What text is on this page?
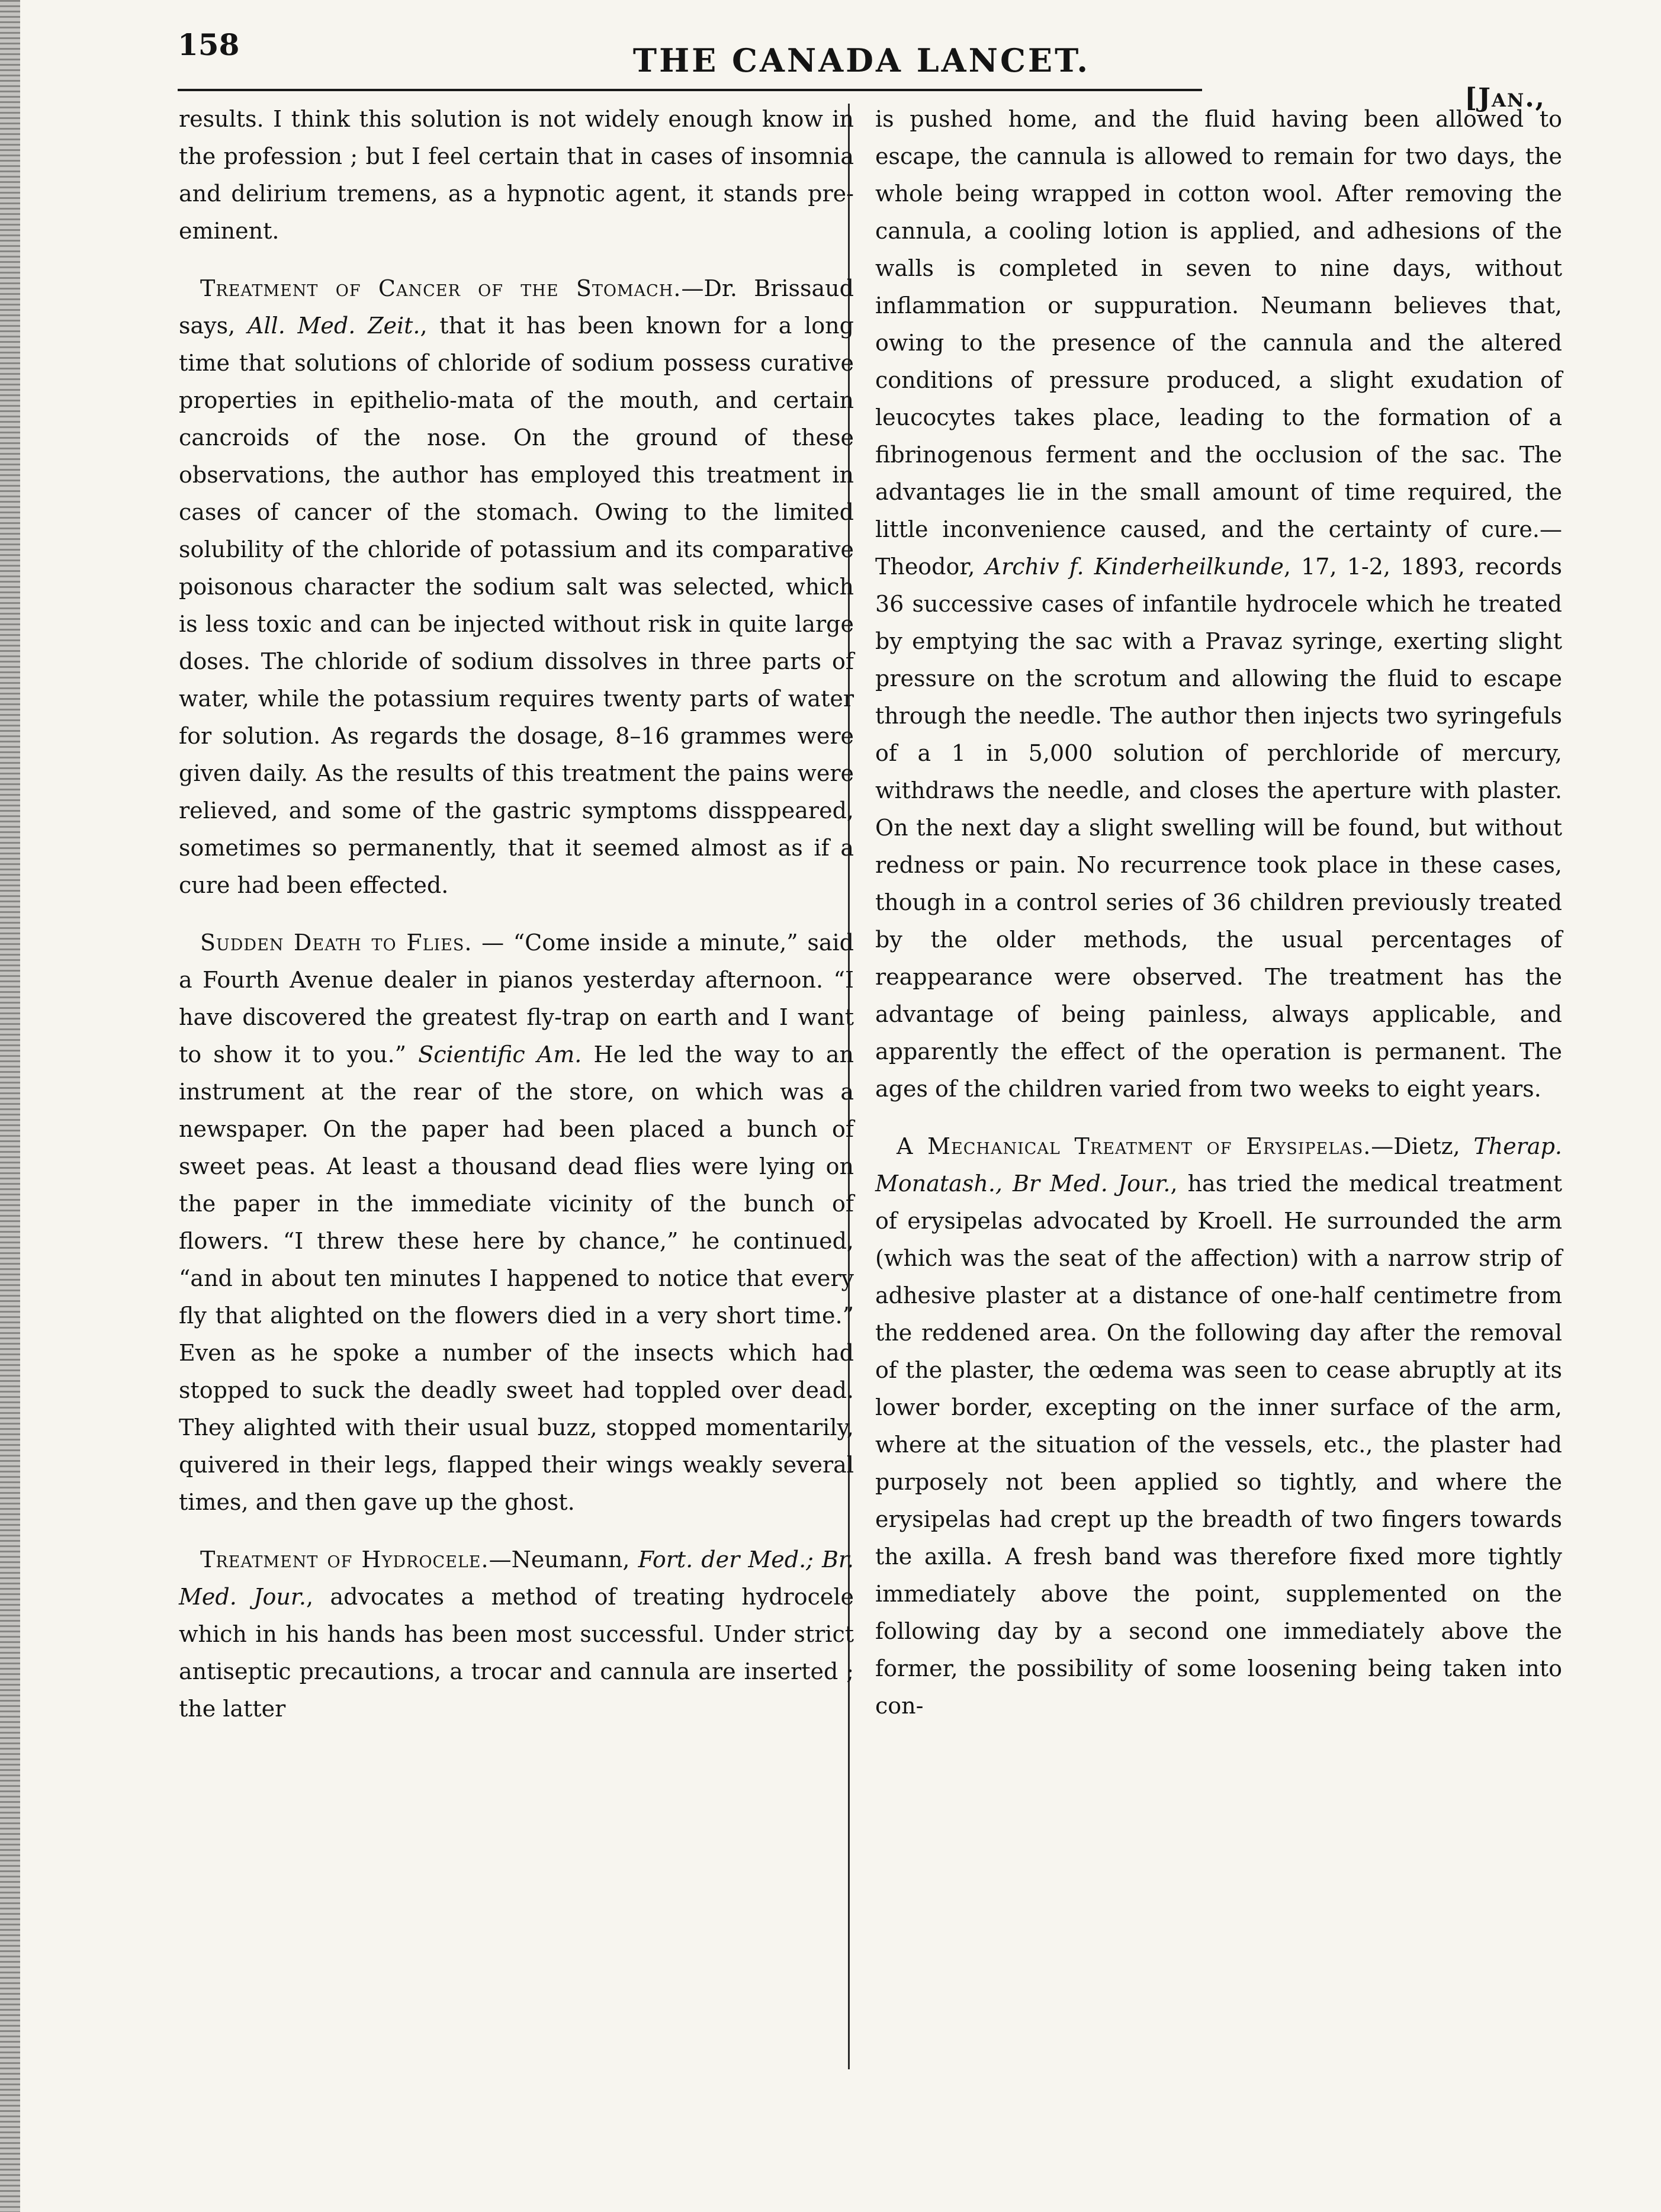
158	THE CANADA LANCET.
[Jan.,

results. I think this solution is not widely enough know in the profession ; but I feel certain that in cases of insomnia and delirium tremens, as a hypnotic agent, it stands pre-eminent.

Treatment of Cancer of the Stomach.—Dr. Brissaud says, All. Med. Zeit., that it has been known for a long time that solutions of chloride of sodium possess curative properties in epithelio-mata of the mouth, and certain cancroids of the nose. On the ground of these observations, the author has employed this treatment in cases of cancer of the stomach. Owing to the limited solubility of the chloride of potassium and its comparative poisonous character the sodium salt was selected, which is less toxic and can be injected without risk in quite large doses. The chloride of sodium dissolves in three parts of water, while the potassium requires twenty parts of water for solution. As regards the dosage, 8–16 grammes were given daily. As the results of this treatment the pains were relieved, and some of the gastric symptoms dissppeared, sometimes so permanently, that it seemed almost as if a cure had been effected.

Sudden Death to Flies. — “Come inside a minute,” said a Fourth Avenue dealer in pianos yesterday afternoon. “I have discovered the greatest fly-trap on earth and I want to show it to you.” Scientific Am. He led the way to an instrument at the rear of the store, on which was a newspaper. On the paper had been placed a bunch of sweet peas. At least a thousand dead flies were lying on the paper in the immediate vicinity of the bunch of flowers. “I threw these here by chance,” he continued, “and in about ten minutes I happened to notice that every fly that alighted on the flowers died in a very short time.” Even as he spoke a number of the insects which had stopped to suck the deadly sweet had toppled over dead. They alighted with their usual buzz, stopped momentarily, quivered in their legs, flapped their wings weakly several times, and then gave up the ghost.

Treatment of Hydrocele.—Neumann, Fort. der Med.; Br. Med. Jour., advocates a method of treating hydrocele which in his hands has been most successful. Under strict antiseptic precautions, a trocar and cannula are inserted ; the latter

is pushed home, and the fluid having been allowed to escape, the cannula is allowed to remain for two days, the whole being wrapped in cotton wool. After removing the cannula, a cooling lotion is applied, and adhesions of the walls is completed in seven to nine days, without inflammation or suppuration. Neumann believes that, owing to the presence of the cannula and the altered conditions of pressure produced, a slight exudation of leucocytes takes place, leading to the formation of a fibrinogenous ferment and the occlusion of the sac. The advantages lie in the small amount of time required, the little inconvenience caused, and the certainty of cure.—Theodor, Archiv f. Kinderheilkunde, 17, 1-2, 1893, records 36 successive cases of infantile hydrocele which he treated by emptying the sac with a Pravaz syringe, exerting slight pressure on the scrotum and allowing the fluid to escape through the needle. The author then injects two syringefuls of a 1 in 5,000 solution of perchloride of mercury, withdraws the needle, and closes the aperture with plaster. On the next day a slight swelling will be found, but without redness or pain. No recurrence took place in these cases, though in a control series of 36 children previously treated by the older methods, the usual percentages of reappearance were observed. The treatment has the advantage of being painless, always applicable, and apparently the effect of the operation is permanent. The ages of the children varied from two weeks to eight years.

A Mechanical Treatment of Erysipelas.—Dietz, Therap. Monatash., Br Med. Jour., has tried the medical treatment of erysipelas advocated by Kroell. He surrounded the arm (which was the seat of the affection) with a narrow strip of adhesive plaster at a distance of one-half centimetre from the reddened area. On the following day after the removal of the plaster, the œdema was seen to cease abruptly at its lower border, excepting on the inner surface of the arm, where at the situation of the vessels, etc., the plaster had purposely not been applied so tightly, and where the erysipelas had crept up the breadth of two fingers towards the axilla. A fresh band was therefore fixed more tightly immediately above the point, supplemented on the following day by a second one immediately above the former, the possibility of some loosening being taken into con-
